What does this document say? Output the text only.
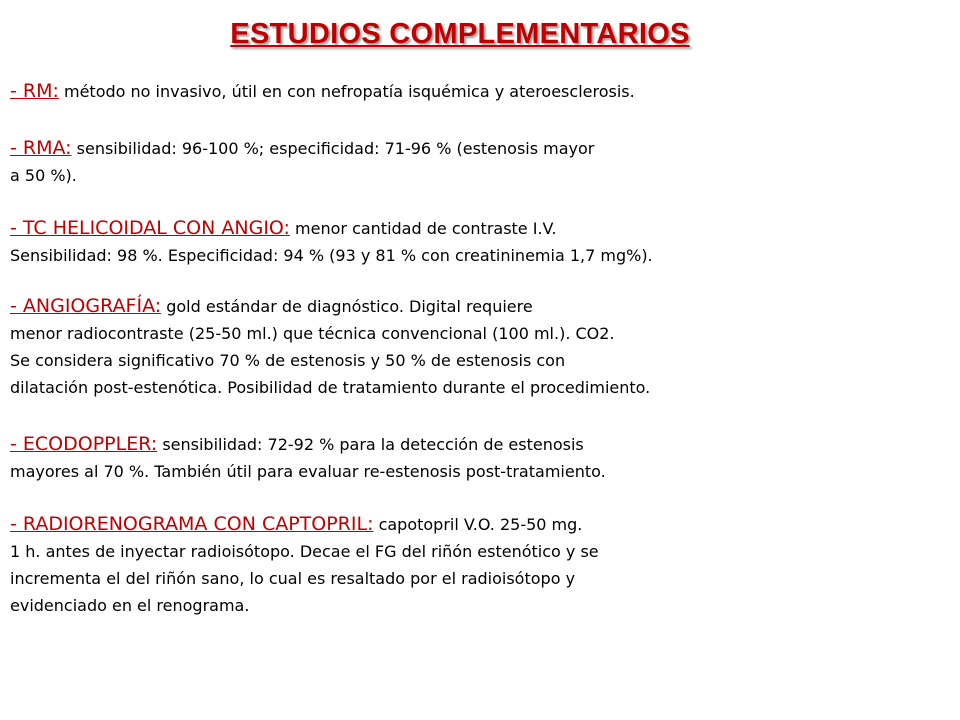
ESTUDIOS COMPLEMENTARIOS
- RM: método no invasivo, útil en con nefropatía isquémica y ateroesclerosis.
- RMA: sensibilidad: 96-100 %; especificidad: 71-96 % (estenosis mayor
a 50 %).
- TC HELICOIDAL CON ANGIO: menor cantidad de contraste I.V.
Sensibilidad: 98 %. Especificidad: 94 % (93 y 81 % con creatininemia 1,7 mg%).
- ANGIOGRAFÍA: gold estándar de diagnóstico. Digital requiere
menor radiocontraste (25-50 ml.) que técnica convencional (100 ml.). CO2.
Se considera significativo 70 % de estenosis y 50 % de estenosis con
dilatación post-estenótica. Posibilidad de tratamiento durante el procedimiento.
- ECODOPPLER: sensibilidad: 72-92 % para la detección de estenosis
mayores al 70 %. También útil para evaluar re-estenosis post-tratamiento.
- RADIORENOGRAMA CON CAPTOPRIL: capotopril V.O. 25-50 mg.
1 h. antes de inyectar radioisótopo. Decae el FG del riñón estenótico y se
incrementa el del riñón sano, lo cual es resaltado por el radioisótopo y
evidenciado en el renograma.
